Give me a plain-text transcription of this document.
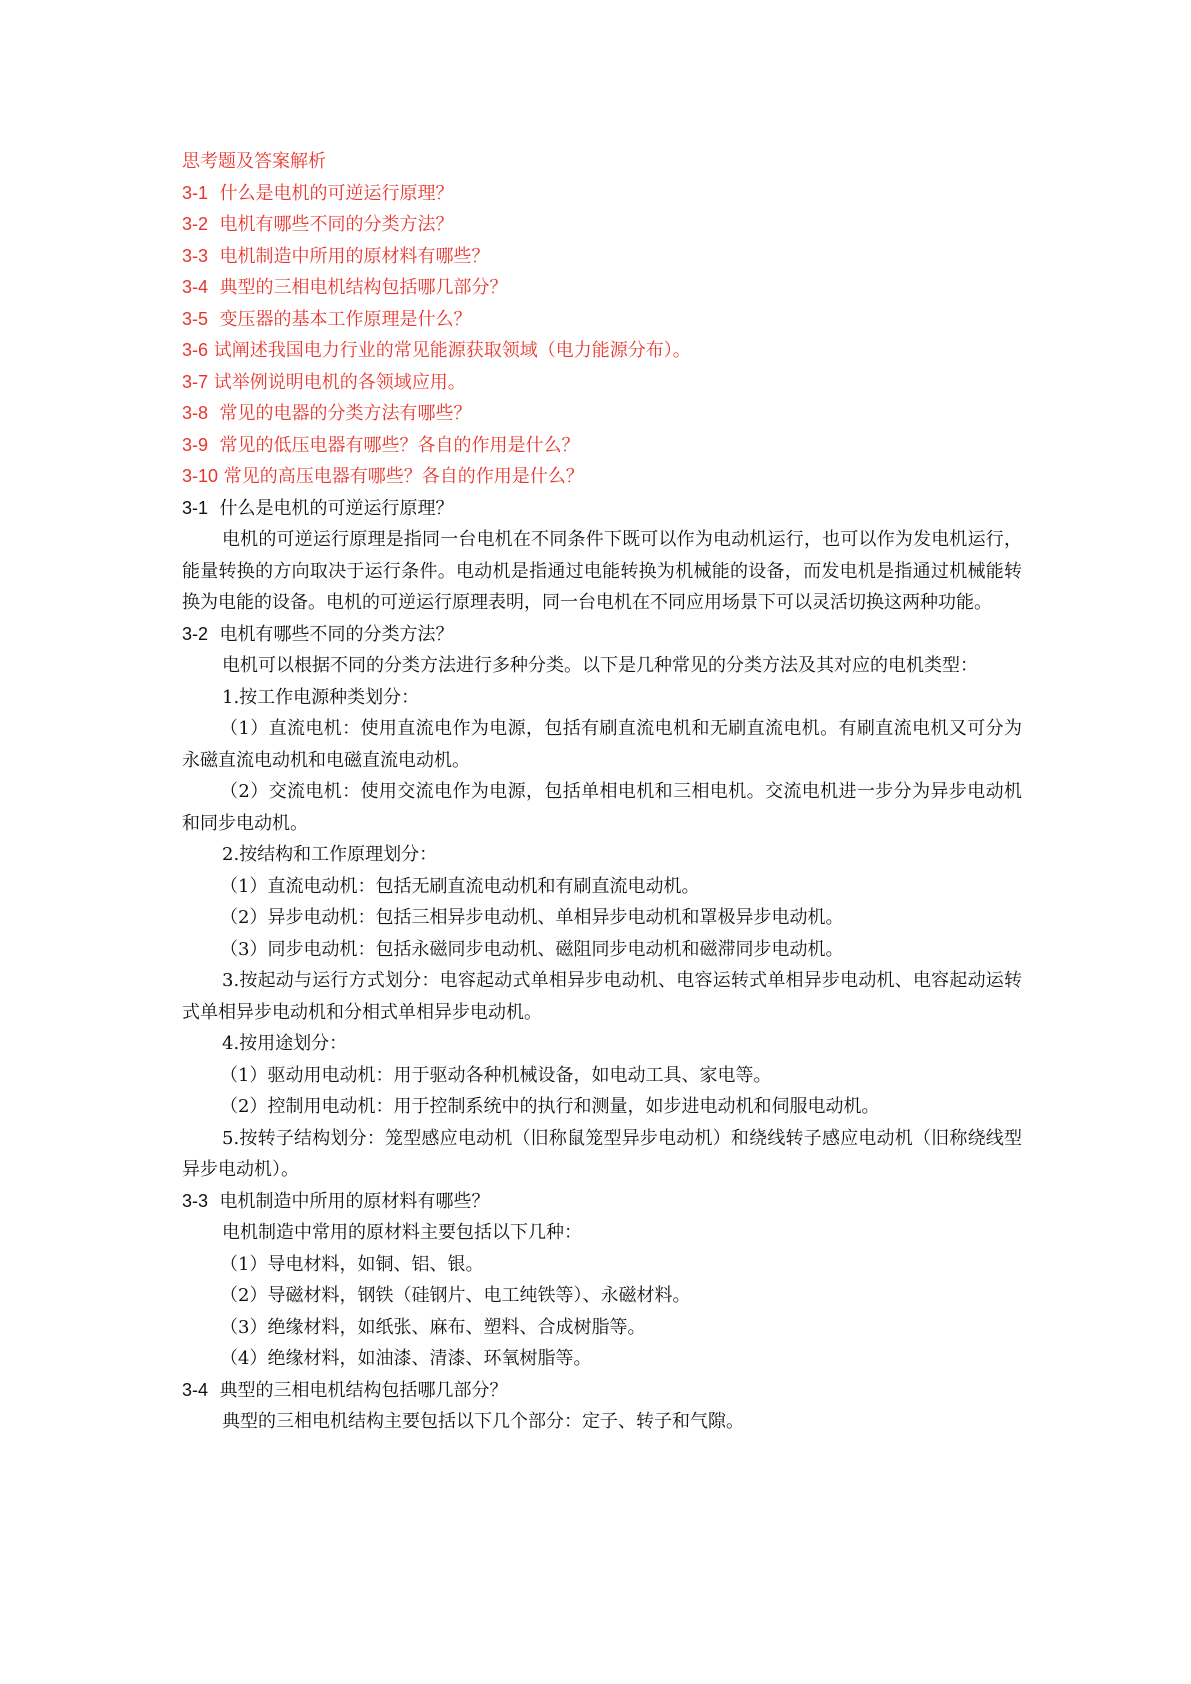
思考题及答案解析
3-1 什么是电机的可逆运行原理？
3-2 电机有哪些不同的分类方法？
3-3 电机制造中所用的原材料有哪些？
3-4 典型的三相电机结构包括哪几部分？
3-5 变压器的基本工作原理是什么？
3-6 试阐述我国电力行业的常见能源获取领域（电力能源分布）。
3-7 试举例说明电机的各领域应用。
3-8 常见的电器的分类方法有哪些？
3-9 常见的低压电器有哪些？各自的作用是什么？
3-10 常见的高压电器有哪些？各自的作用是什么？
3-1 什么是电机的可逆运行原理？

电机的可逆运行原理是指同一台电机在不同条件下既可以作为电动机运行，也可以作为发电机运行，能量转换的方向取决于运行条件。电动机是指通过电能转换为机械能的设备，而发电机是指通过机械能转换为电能的设备。电机的可逆运行原理表明，同一台电机在不同应用场景下可以灵活切换这两种功能。

3-2 电机有哪些不同的分类方法？

电机可以根据不同的分类方法进行多种分类。以下是几种常见的分类方法及其对应的电机类型：

1.按工作电源种类划分：

（1）直流电机：使用直流电作为电源，包括有刷直流电机和无刷直流电机。有刷直流电机又可分为永磁直流电动机和电磁直流电动机。

（2）交流电机：使用交流电作为电源，包括单相电机和三相电机。交流电机进一步分为异步电动机和同步电动机。

2.按结构和工作原理划分：

（1）直流电动机：包括无刷直流电动机和有刷直流电动机。

（2）异步电动机：包括三相异步电动机、单相异步电动机和罩极异步电动机。

（3）同步电动机：包括永磁同步电动机、磁阻同步电动机和磁滞同步电动机。

3.按起动与运行方式划分：电容起动式单相异步电动机、电容运转式单相异步电动机、电容起动运转式单相异步电动机和分相式单相异步电动机。

4.按用途划分：

（1）驱动用电动机：用于驱动各种机械设备，如电动工具、家电等。

（2）控制用电动机：用于控制系统中的执行和测量，如步进电动机和伺服电动机。

5.按转子结构划分：笼型感应电动机（旧称鼠笼型异步电动机）和绕线转子感应电动机（旧称绕线型异步电动机）。

3-3 电机制造中所用的原材料有哪些？

电机制造中常用的原材料主要包括以下几种：

（1）导电材料，如铜、铝、银。

（2）导磁材料，钢铁（硅钢片、电工纯铁等）、永磁材料。

（3）绝缘材料，如纸张、麻布、塑料、合成树脂等。

（4）绝缘材料，如油漆、清漆、环氧树脂等。

3-4 典型的三相电机结构包括哪几部分？

典型的三相电机结构主要包括以下几个部分：定子、转子和气隙。
